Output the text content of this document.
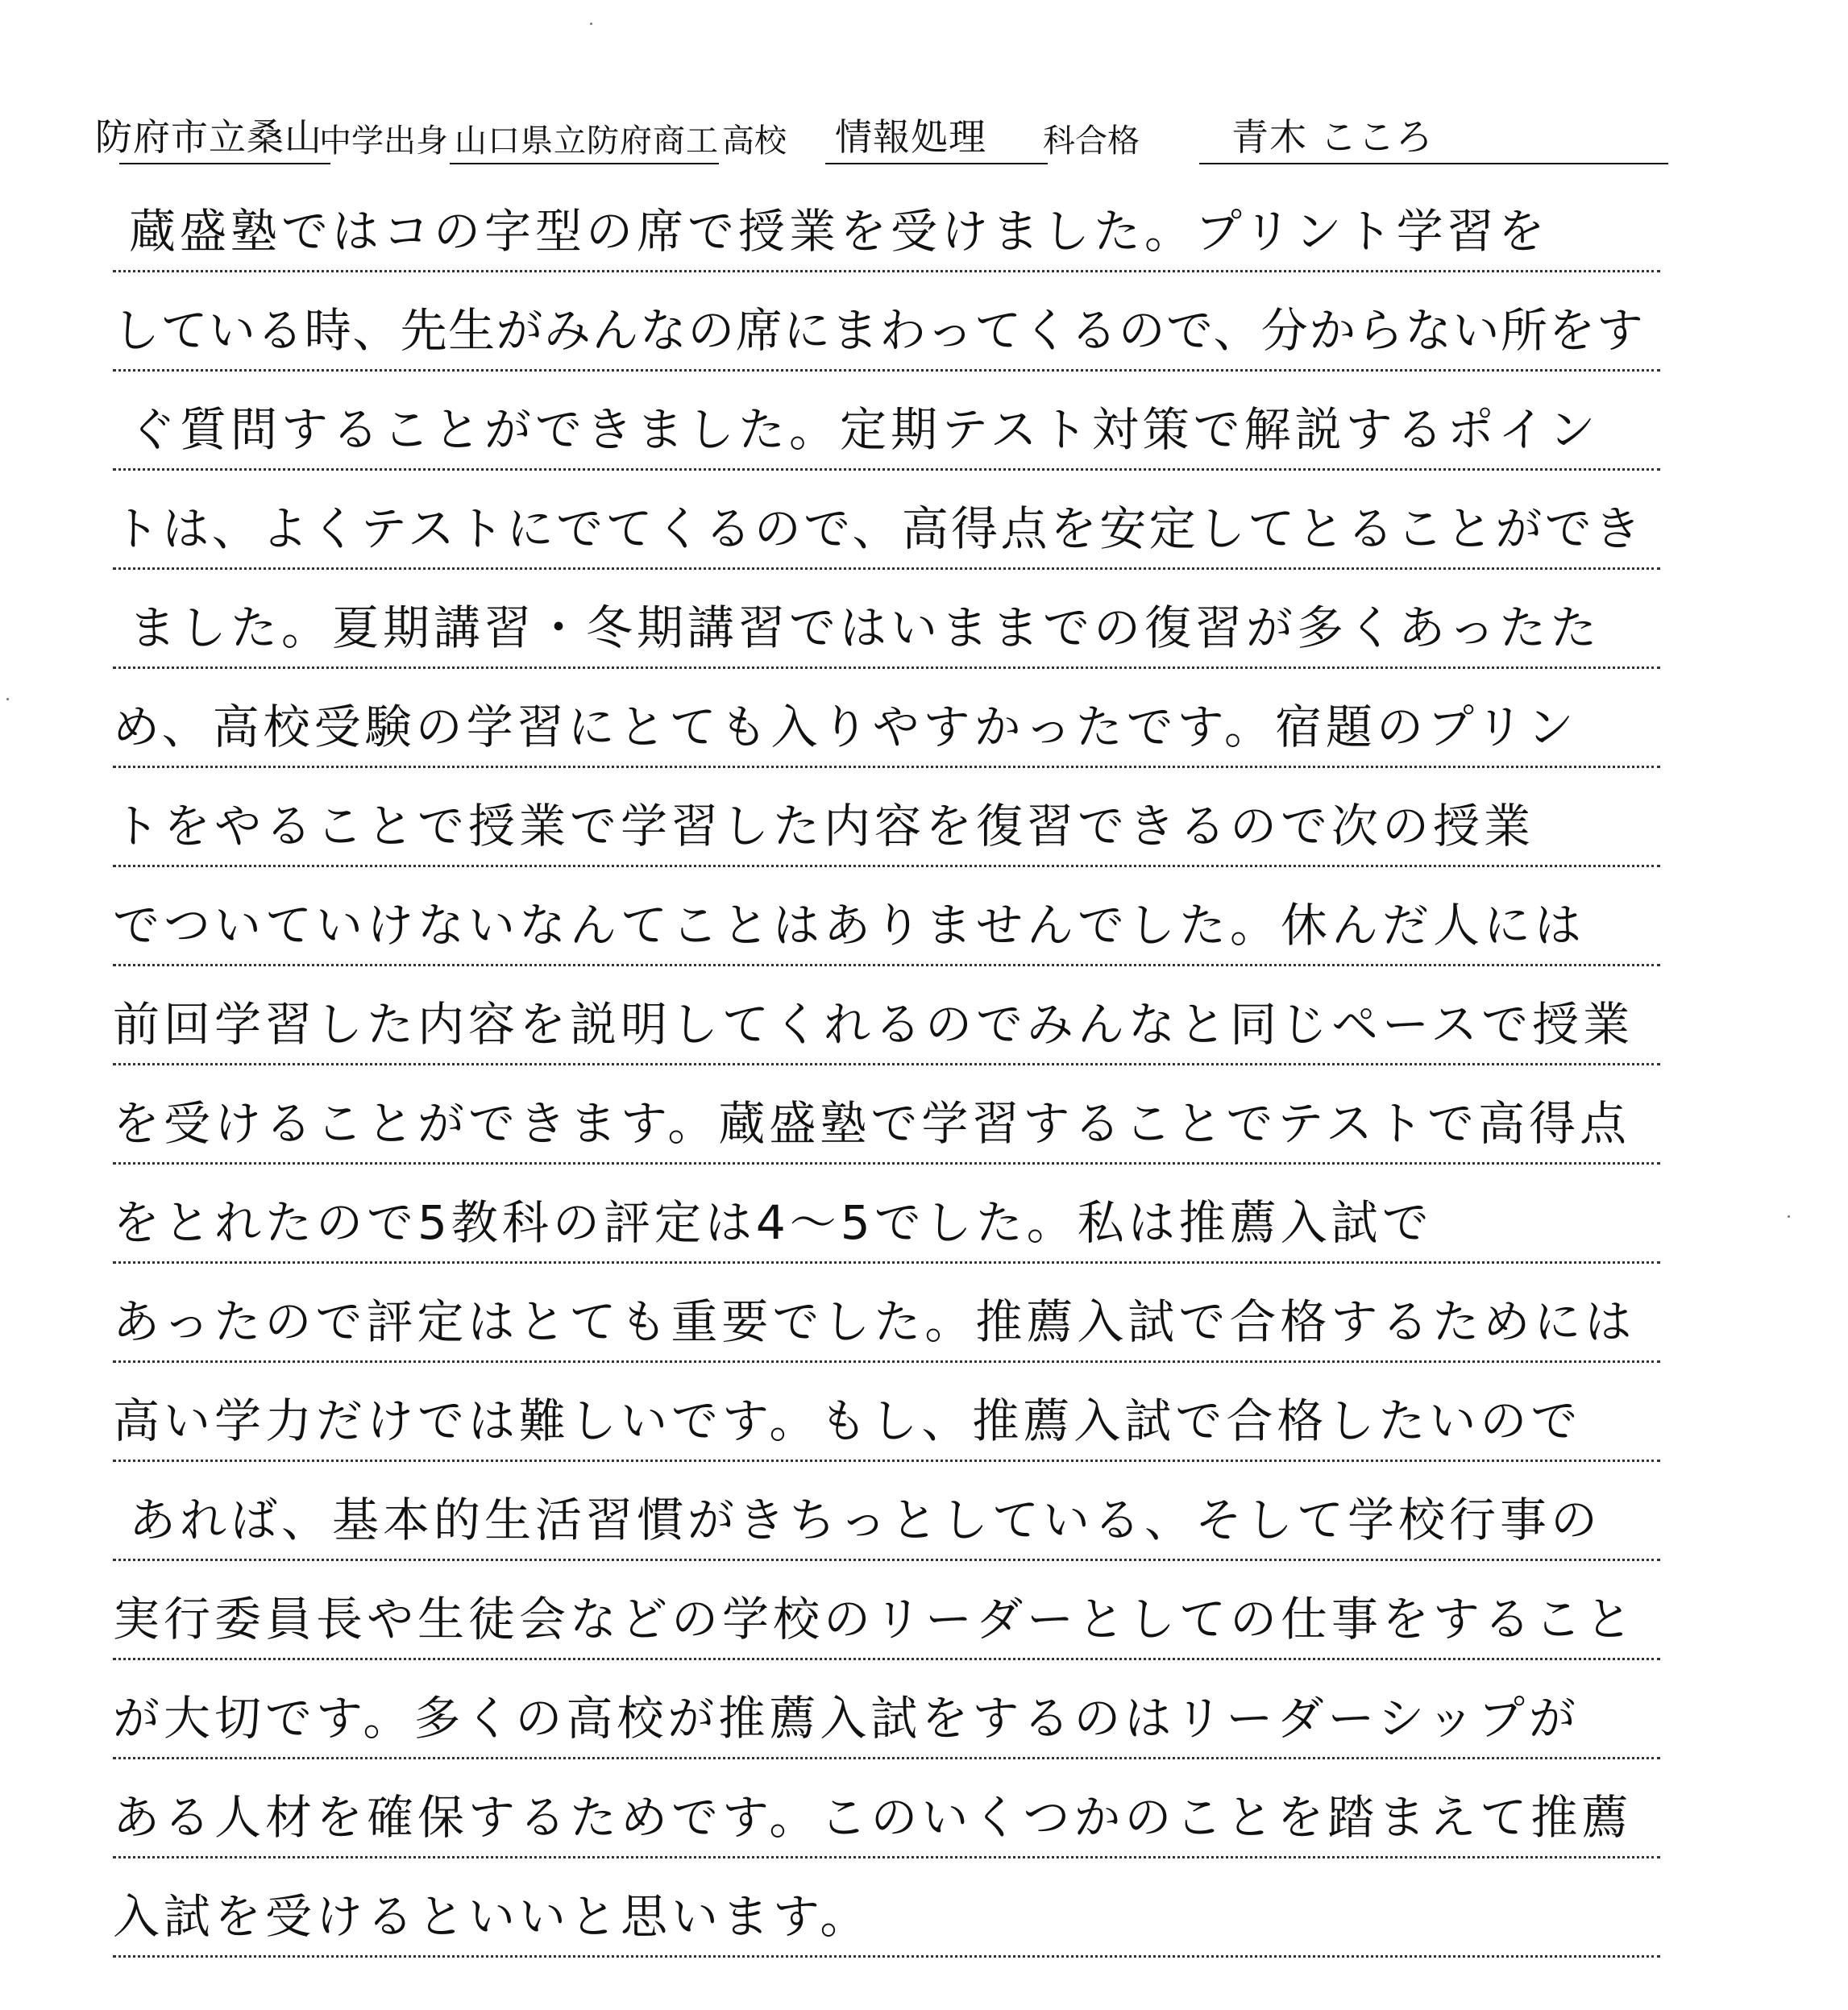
防府市立桑山
中学出身 山口県立防府商工 高校 情報処理 科合格 青木 こころ
蔵盛塾ではコの字型の席で授業を受けました。プリント学習を
している時、先生がみんなの席にまわってくるので、分からない所をす
ぐ質問することができました。定期テスト対策で解説するポイン
トは、よくテストにでてくるので、高得点を安定してとることができ
ました。夏期講習・冬期講習ではいままでの復習が多くあったた
め、高校受験の学習にとても入りやすかったです。宿題のプリン
トをやることで授業で学習した内容を復習できるので次の授業
でついていけないなんてことはありませんでした。休んだ人には
前回学習した内容を説明してくれるのでみんなと同じペースで授業
を受けることができます。蔵盛塾で学習することでテストで高得点
をとれたので5教科の評定は4～5でした。私は推薦入試で
あったので評定はとても重要でした。推薦入試で合格するためには
高い学力だけでは難しいです。もし、推薦入試で合格したいので
あれば、基本的生活習慣がきちっとしている、そして学校行事の
実行委員長や生徒会などの学校のリーダーとしての仕事をすること
が大切です。多くの高校が推薦入試をするのはリーダーシップが
ある人材を確保するためです。このいくつかのことを踏まえて推薦
入試を受けるといいと思います。
